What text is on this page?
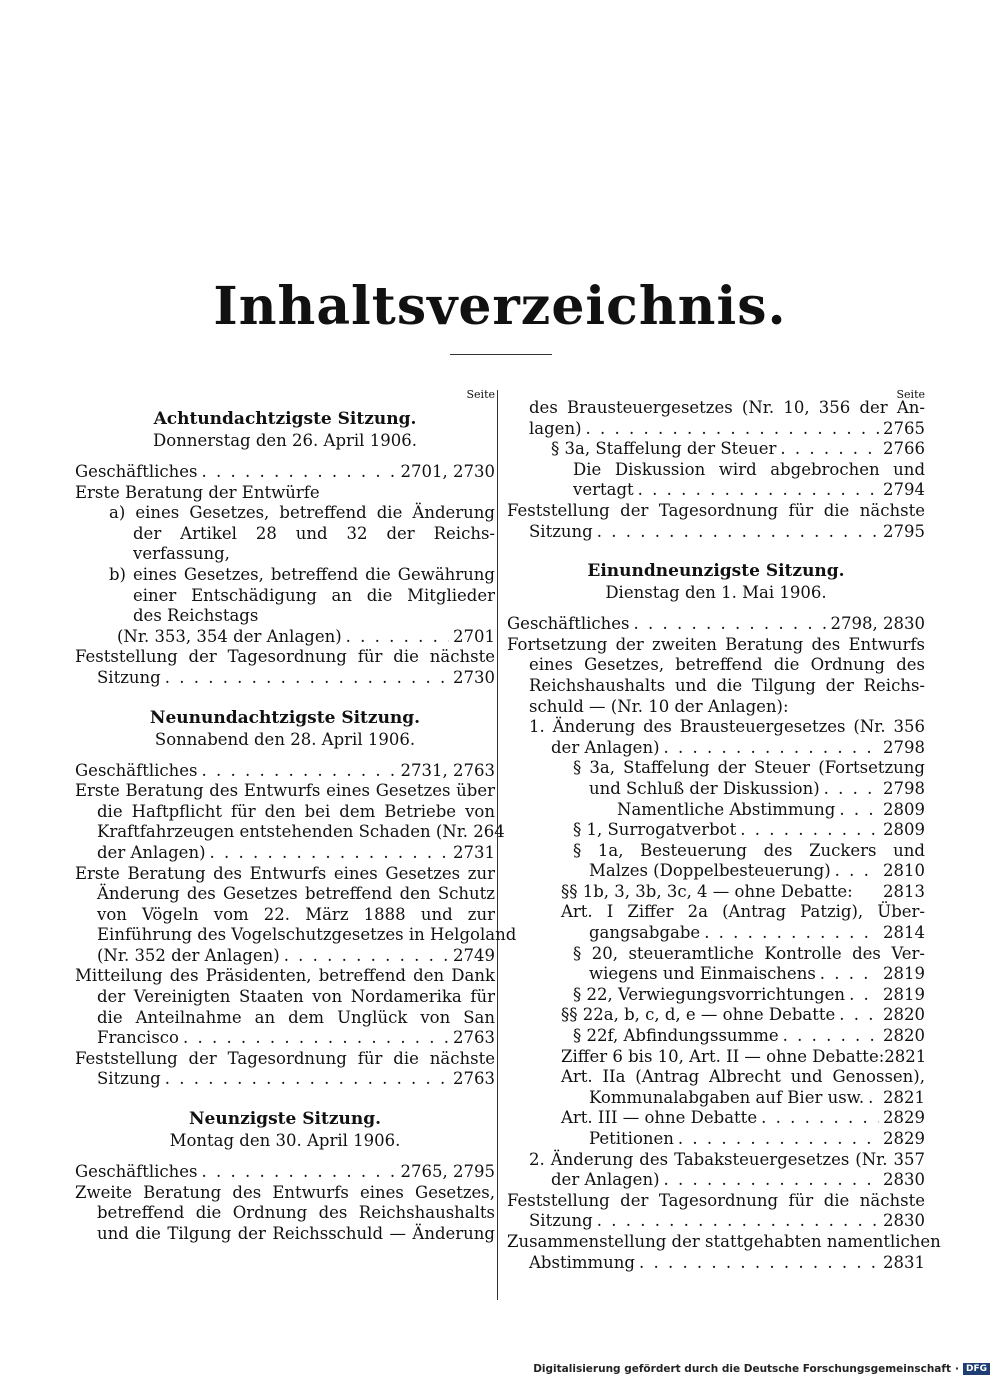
Inhaltsverzeichnis.
Seite
Achtundachtzigste Sitzung.
Donnerstag den 26. April 1906.
Geschäftliches . . .	2701, 2730
Erste Beratung der Entwürfe
a) eines Gesetzes, betreffend die Änderung
der Artikel 28 und 32 der Reichs-
verfassung,
b) eines Gesetzes, betreffend die Gewährung
einer Entschädigung an die Mitglieder
des Reichstags
(Nr. 353, 354 der Anlagen) . . .	2701
Feststellung der Tagesordnung für die nächste
Sitzung . . .	2730
Neunundachtzigste Sitzung.
Sonnabend den 28. April 1906.
Geschäftliches . . .	2731, 2763
Erste Beratung des Entwurfs eines Gesetzes über
die Haftpflicht für den bei dem Betriebe von
Kraftfahrzeugen entstehenden Schaden (Nr. 264
der Anlagen) . . .	2731
Erste Beratung des Entwurfs eines Gesetzes zur
Änderung des Gesetzes betreffend den Schutz
von Vögeln vom 22. März 1888 und zur
Einführung des Vogelschutzgesetzes in Helgoland
(Nr. 352 der Anlagen) . . .	2749
Mitteilung des Präsidenten, betreffend den Dank
der Vereinigten Staaten von Nordamerika für
die Anteilnahme an dem Unglück von San
Francisco . . .	2763
Feststellung der Tagesordnung für die nächste
Sitzung . . .	2763
Neunzigste Sitzung.
Montag den 30. April 1906.
Geschäftliches . . .	2765, 2795
Zweite Beratung des Entwurfs eines Gesetzes,
betreffend die Ordnung des Reichshaushalts
und die Tilgung der Reichsschuld — Änderung
Seite
des Brausteuergesetzes (Nr. 10, 356 der An-
lagen) . . .	2765
§ 3a, Staffelung der Steuer . . .	2766
Die Diskussion wird abgebrochen und
vertagt . . .	2794
Feststellung der Tagesordnung für die nächste
Sitzung . . .	2795
Einundneunzigste Sitzung.
Dienstag den 1. Mai 1906.
Geschäftliches . . .	2798, 2830
Fortsetzung der zweiten Beratung des Entwurfs
eines Gesetzes, betreffend die Ordnung des
Reichshaushalts und die Tilgung der Reichs-
schuld — (Nr. 10 der Anlagen):
1. Änderung des Brausteuergesetzes (Nr. 356
der Anlagen) . . .	2798
§ 3a, Staffelung der Steuer (Fortsetzung
und Schluß der Diskussion) . . .	2798
Namentliche Abstimmung . . .	2809
§ 1, Surrogatverbot . . .	2809
§ 1a, Besteuerung des Zuckers und
Malzes (Doppelbesteuerung) . . .	2810
§§ 1b, 3, 3b, 3c, 4 — ohne Debatte: 2813
Art. I Ziffer 2a (Antrag Patzig), Über-
gangsabgabe . . .	2814
§ 20, steueramtliche Kontrolle des Ver-
wiegens und Einmaischens . . .	2819
§ 22, Verwiegungsvorrichtungen . . . 2819
§§ 22a, b, c, d, e — ohne Debatte . . .	2820
§ 22f, Abfindungssumme . . .	2820
Ziffer 6 bis 10, Art. II — ohne Debatte: 2821
Art. IIa (Antrag Albrecht und Genossen),
Kommunalabgaben auf Bier usw. . . . 2821
Art. III — ohne Debatte . . .	2829
Petitionen . . .	2829
2. Änderung des Tabaksteuergesetzes (Nr. 357
der Anlagen) . . .	2830
Feststellung der Tagesordnung für die nächste
Sitzung . . .	2830
Zusammenstellung der stattgehabten namentlichen
Abstimmung . . .	2831
Digitalisierung gefördert durch die Deutsche Forschungsgemeinschaft · DFG
